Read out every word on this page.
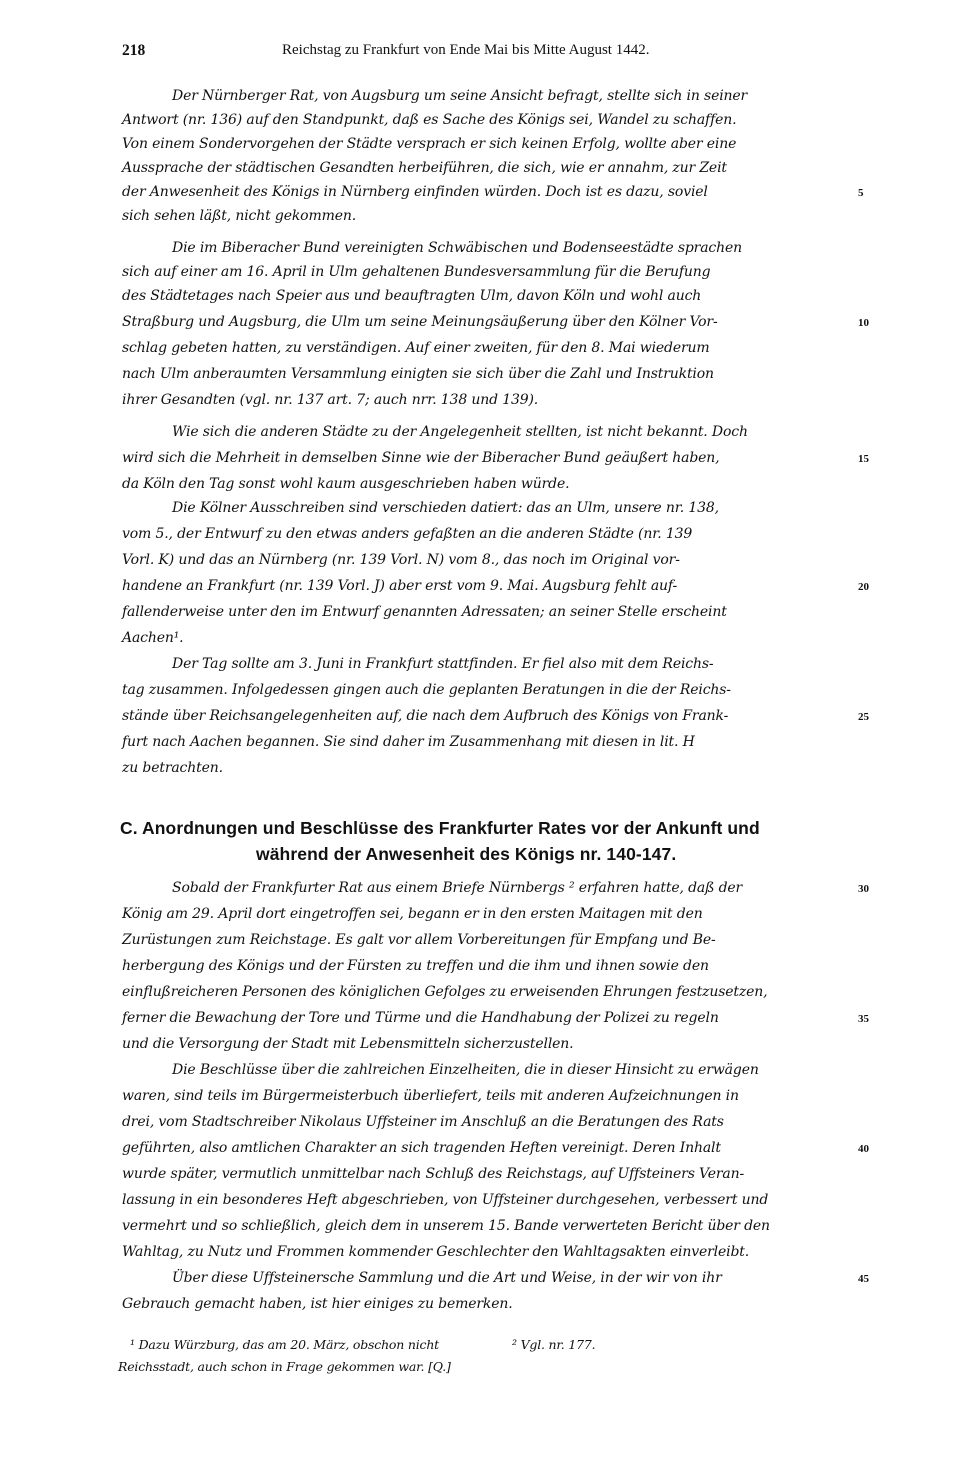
218	Reichstag zu Frankfurt von Ende Mai bis Mitte August 1442.
Der Nürnberger Rat, von Augsburg um seine Ansicht befragt, stellte sich in seiner
Antwort (nr. 136) auf den Standpunkt, daß es Sache des Königs sei, Wandel zu schaffen.
Von einem Sondervorgehen der Städte versprach er sich keinen Erfolg, wollte aber eine
Aussprache der städtischen Gesandten herbeiführen, die sich, wie er annahm, zur Zeit
der Anwesenheit des Königs in Nürnberg einfinden würden. Doch ist es dazu, soviel
sich sehen läßt, nicht gekommen.
Die im Biberacher Bund vereinigten Schwäbischen und Bodenseestädte sprachen
sich auf einer am 16. April in Ulm gehaltenen Bundesversammlung für die Berufung
des Städtetages nach Speier aus und beauftragten Ulm, davon Köln und wohl auch
Straßburg und Augsburg, die Ulm um seine Meinungsäußerung über den Kölner Vor-
schlag gebeten hatten, zu verständigen. Auf einer zweiten, für den 8. Mai wiederum
nach Ulm anberaumten Versammlung einigten sie sich über die Zahl und Instruktion
ihrer Gesandten (vgl. nr. 137 art. 7; auch nrr. 138 und 139).
Wie sich die anderen Städte zu der Angelegenheit stellten, ist nicht bekannt. Doch
wird sich die Mehrheit in demselben Sinne wie der Biberacher Bund geäußert haben,
da Köln den Tag sonst wohl kaum ausgeschrieben haben würde.
Die Kölner Ausschreiben sind verschieden datiert: das an Ulm, unsere nr. 138,
vom 5., der Entwurf zu den etwas anders gefaßten an die anderen Städte (nr. 139
Vorl. K) und das an Nürnberg (nr. 139 Vorl. N) vom 8., das noch im Original vor-
handene an Frankfurt (nr. 139 Vorl. J) aber erst vom 9. Mai. Augsburg fehlt auf-
fallenderweise unter den im Entwurf genannten Adressaten; an seiner Stelle erscheint
Aachen¹.
Der Tag sollte am 3. Juni in Frankfurt stattfinden. Er fiel also mit dem Reichs-
tag zusammen. Infolgedessen gingen auch die geplanten Beratungen in die der Reichs-
stände über Reichsangelegenheiten auf, die nach dem Aufbruch des Königs von Frank-
furt nach Aachen begannen. Sie sind daher im Zusammenhang mit diesen in lit. H
zu betrachten.
C. Anordnungen und Beschlüsse des Frankfurter Rates vor der Ankunft und
während der Anwesenheit des Königs nr. 140-147.
Sobald der Frankfurter Rat aus einem Briefe Nürnbergs ² erfahren hatte, daß der
König am 29. April dort eingetroffen sei, begann er in den ersten Maitagen mit den
Zurüstungen zum Reichstage. Es galt vor allem Vorbereitungen für Empfang und Be-
herbergung des Königs und der Fürsten zu treffen und die ihm und ihnen sowie den
einflußreicheren Personen des königlichen Gefolges zu erweisenden Ehrungen festzusetzen,
ferner die Bewachung der Tore und Türme und die Handhabung der Polizei zu regeln
und die Versorgung der Stadt mit Lebensmitteln sicherzustellen.
Die Beschlüsse über die zahlreichen Einzelheiten, die in dieser Hinsicht zu erwägen
waren, sind teils im Bürgermeisterbuch überliefert, teils mit anderen Aufzeichnungen in
drei, vom Stadtschreiber Nikolaus Uffsteiner im Anschluß an die Beratungen des Rats
geführten, also amtlichen Charakter an sich tragenden Heften vereinigt. Deren Inhalt
wurde später, vermutlich unmittelbar nach Schluß des Reichstags, auf Uffsteiners Veran-
lassung in ein besonderes Heft abgeschrieben, von Uffsteiner durchgesehen, verbessert und
vermehrt und so schließlich, gleich dem in unserem 15. Bande verwerteten Bericht über den
Wahltag, zu Nutz und Frommen kommender Geschlechter den Wahltagsakten einverleibt.
Über diese Uffsteinersche Sammlung und die Art und Weise, in der wir von ihr
Gebrauch gemacht haben, ist hier einiges zu bemerken.
5
10
15
20
25
30
35
40
45
¹ Dazu Würzburg, das am 20. März, obschon nicht
Reichsstadt, auch schon in Frage gekommen war. [Q.]
² Vgl. nr. 177.
